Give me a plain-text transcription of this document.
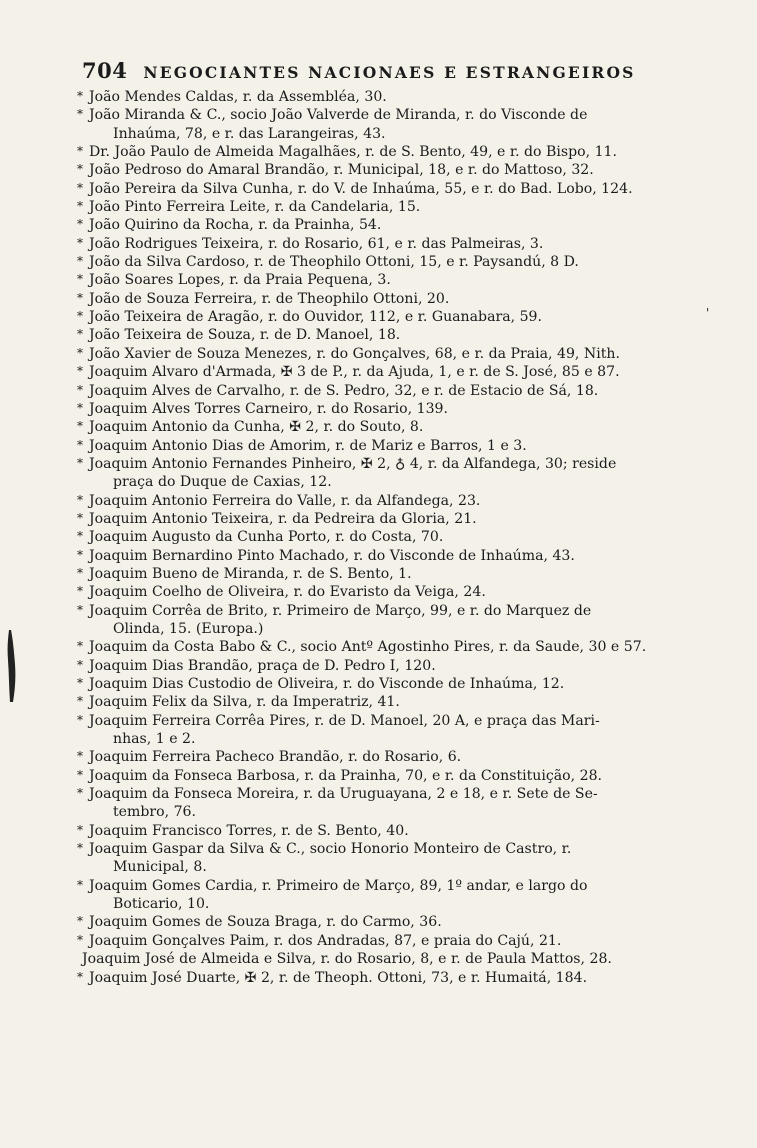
704 NEGOCIANTES NACIONAES E ESTRANGEIROS
'
* João Mendes Caldas, r. da Assembléa, 30.
* João Miranda & C., socio João Valverde de Miranda, r. do Visconde de
Inhaúma, 78, e r. das Larangeiras, 43.
* Dr. João Paulo de Almeida Magalhães, r. de S. Bento, 49, e r. do Bispo, 11.
* João Pedroso do Amaral Brandão, r. Municipal, 18, e r. do Mattoso, 32.
* João Pereira da Silva Cunha, r. do V. de Inhaúma, 55, e r. do Bad. Lobo, 124.
* João Pinto Ferreira Leite, r. da Candelaria, 15.
* João Quirino da Rocha, r. da Prainha, 54.
* João Rodrigues Teixeira, r. do Rosario, 61, e r. das Palmeiras, 3.
* João da Silva Cardoso, r. de Theophilo Ottoni, 15, e r. Paysandú, 8 D.
* João Soares Lopes, r. da Praia Pequena, 3.
* João de Souza Ferreira, r. de Theophilo Ottoni, 20.
* João Teixeira de Aragão, r. do Ouvidor, 112, e r. Guanabara, 59.
* João Teixeira de Souza, r. de D. Manoel, 18.
* João Xavier de Souza Menezes, r. do Gonçalves, 68, e r. da Praia, 49, Nith.
* Joaquim Alvaro d'Armada, ✠ 3 de P., r. da Ajuda, 1, e r. de S. José, 85 e 87.
* Joaquim Alves de Carvalho, r. de S. Pedro, 32, e r. de Estacio de Sá, 18.
* Joaquim Alves Torres Carneiro, r. do Rosario, 139.
* Joaquim Antonio da Cunha, ✠ 2, r. do Souto, 8.
* Joaquim Antonio Dias de Amorim, r. de Mariz e Barros, 1 e 3.
* Joaquim Antonio Fernandes Pinheiro, ✠ 2, ♁ 4, r. da Alfandega, 30; reside
praça do Duque de Caxias, 12.
* Joaquim Antonio Ferreira do Valle, r. da Alfandega, 23.
* Joaquim Antonio Teixeira, r. da Pedreira da Gloria, 21.
* Joaquim Augusto da Cunha Porto, r. do Costa, 70.
* Joaquim Bernardino Pinto Machado, r. do Visconde de Inhaúma, 43.
* Joaquim Bueno de Miranda, r. de S. Bento, 1.
* Joaquim Coelho de Oliveira, r. do Evaristo da Veiga, 24.
* Joaquim Corrêa de Brito, r. Primeiro de Março, 99, e r. do Marquez de
Olinda, 15. (Europa.)
* Joaquim da Costa Babo & C., socio Antº Agostinho Pires, r. da Saude, 30 e 57.
* Joaquim Dias Brandão, praça de D. Pedro I, 120.
* Joaquim Dias Custodio de Oliveira, r. do Visconde de Inhaúma, 12.
* Joaquim Felix da Silva, r. da Imperatriz, 41.
* Joaquim Ferreira Corrêa Pires, r. de D. Manoel, 20 A, e praça das Mari-
nhas, 1 e 2.
* Joaquim Ferreira Pacheco Brandão, r. do Rosario, 6.
* Joaquim da Fonseca Barbosa, r. da Prainha, 70, e r. da Constituição, 28.
* Joaquim da Fonseca Moreira, r. da Uruguayana, 2 e 18, e r. Sete de Se-
tembro, 76.
* Joaquim Francisco Torres, r. de S. Bento, 40.
* Joaquim Gaspar da Silva & C., socio Honorio Monteiro de Castro, r.
Municipal, 8.
* Joaquim Gomes Cardia, r. Primeiro de Março, 89, 1º andar, e largo do
Boticario, 10.
* Joaquim Gomes de Souza Braga, r. do Carmo, 36.
* Joaquim Gonçalves Paim, r. dos Andradas, 87, e praia do Cajú, 21.
Joaquim José de Almeida e Silva, r. do Rosario, 8, e r. de Paula Mattos, 28.
* Joaquim José Duarte, ✠ 2, r. de Theoph. Ottoni, 73, e r. Humaitá, 184.
